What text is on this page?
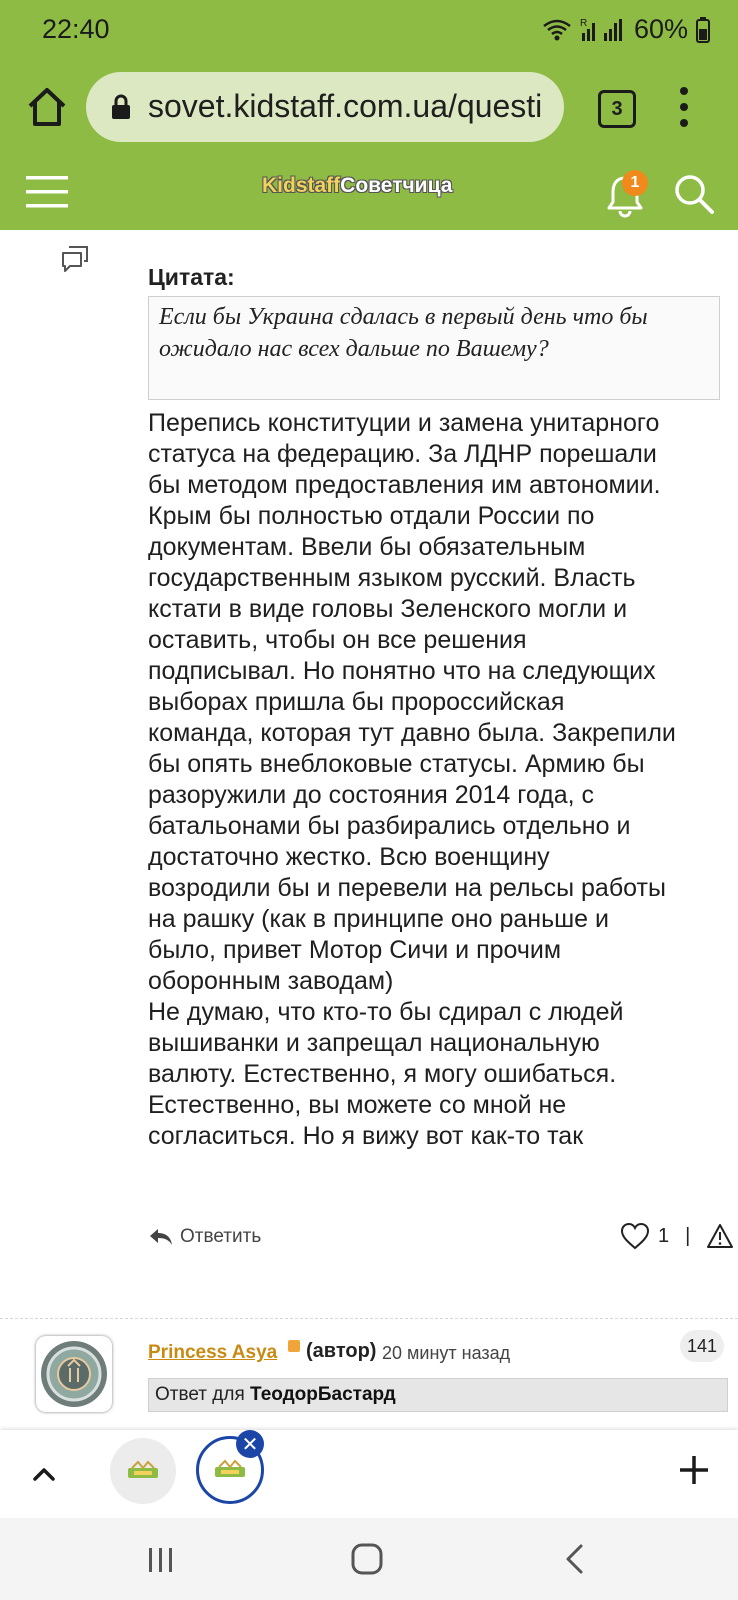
22:40	R 60%
sovet.kidstaff.com.ua/questi	3
KidstaffСоветчица	1
Цитата:
Если бы Украина сдалась в первый день что бы ожидало нас всех дальше по Вашему?
Перепись конституции и замена унитарного
статуса на федерацию. За ЛДНР порешали
бы методом предоставления им автономии.
Крым бы полностью отдали России по
документам. Ввели бы обязательным
государственным языком русский. Власть
кстати в виде головы Зеленского могли и
оставить, чтобы он все решения
подписывал. Но понятно что на следующих
выборах пришла бы пророссийская
команда, которая тут давно была. Закрепили
бы опять внеблоковые статусы. Армию бы
разоружили до состояния 2014 года, с
батальонами бы разбирались отдельно и
достаточно жестко. Всю военщину
возродили бы и перевели на рельсы работы
на рашку (как в принципе оно раньше и
было, привет Мотор Сичи и прочим
оборонным заводам)
Не думаю, что кто-то бы сдирал с людей
вышиванки и запрещал национальную
валюту. Естественно, я могу ошибаться.
Естественно, вы можете со мной не
согласиться. Но я вижу вот как-то так
Ответить	1 |
Princess Asya (автор) 20 минут назад	141
Ответ для ТеодорБастард
✕
